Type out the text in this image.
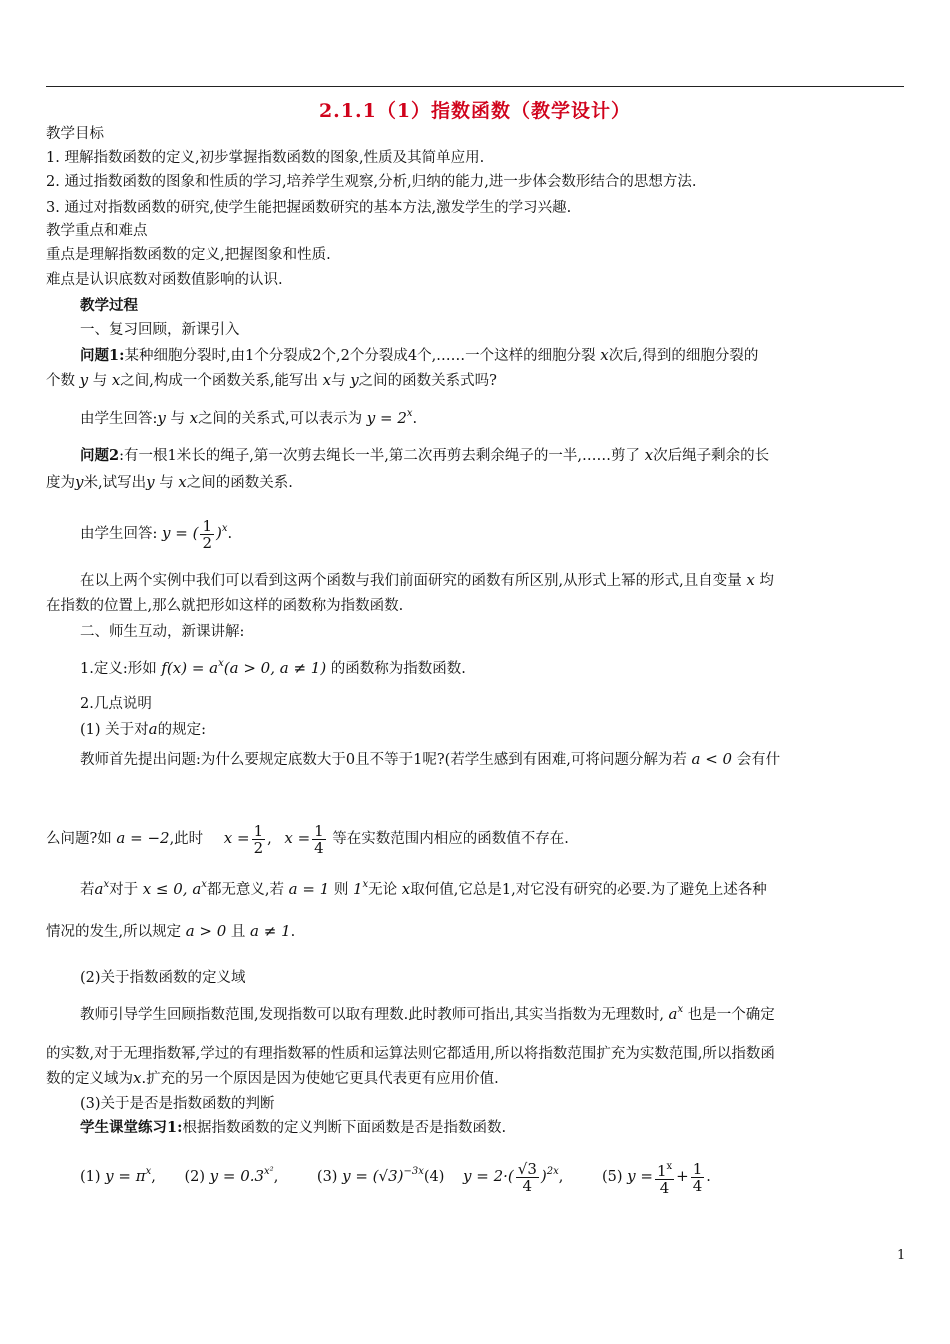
2.1.1（1）指数函数（教学设计）
教学目标
1. 理解指数函数的定义,初步掌握指数函数的图象,性质及其简单应用.
2. 通过指数函数的图象和性质的学习,培养学生观察,分析,归纳的能力,进一步体会数形结合的思想方法.
3. 通过对指数函数的研究,使学生能把握函数研究的基本方法,激发学生的学习兴趣.
教学重点和难点
重点是理解指数函数的定义,把握图象和性质.
难点是认识底数对函数值影响的认识.
教学过程
一、复习回顾，新课引入
问题1:某种细胞分裂时,由1个分裂成2个,2个分裂成4个,……一个这样的细胞分裂 x次后,得到的细胞分裂的
个数 y 与 x之间,构成一个函数关系,能写出 x与 y之间的函数关系式吗?
由学生回答:y 与 x之间的关系式,可以表示为 $y = 2^x$.
问题2:有一根1米长的绳子,第一次剪去绳长一半,第二次再剪去剩余绳子的一半,……剪了 x次后绳子剩余的长
度为y米,试写出y 与 x之间的函数关系.
由学生回答: y = ( $\frac{1}{2} )^x$.
在以上两个实例中我们可以看到这两个函数与我们前面研究的函数有所区别,从形式上幂的形式,且自变量 x 均
在指数的位置上,那么就把形如这样的函数称为指数函数.
二、师生互动，新课讲解:
1.定义:形如 $f(x) = a^x(a > 0$, a ≠ 1) 的函数称为指数函数.
2.几点说明
(1) 关于对a的规定:
教师首先提出问题:为什么要规定底数大于0且不等于1呢?(若学生感到有困难,可将问题分解为若 a < 0 会有什
么问题?如 a = −2,此时 $x = \frac{1}{2}$ , $x = \frac{1}{4}$ 等在实数范围内相应的函数值不存在.
若$a^x$对于 x ≤ 0, $a^x$都无意义,若 a = 1 则 1$^x$无论 x取何值,它总是1,对它没有研究的必要.为了避免上述各种
情况的发生,所以规定 a > 0 且 a ≠ 1.
(2)关于指数函数的定义域
教师引导学生回顾指数范围,发现指数可以取有理数.此时教师可指出,其实当指数为无理数时, $a^x$ 也是一个确定
的实数,对于无理指数幂,学过的有理指数幂的性质和运算法则它都适用,所以将指数范围扩充为实数范围,所以指数函
数的定义域为x.扩充的另一个原因是因为使她它更具代表更有应用价值.
(3)关于是否是指数函数的判断
学生课堂练习1:根据指数函数的定义判断下面函数是否是指数函数.
(1) $y = \pi^x$, (2) $y = 0.3^{x^2}$, (3) $y = (√3)^{-3x}(4) y = 2\cdot( \frac{√3}{4} )^{2x}$, (5) $y = \frac{1^x}{4} + \frac{1}{4}$ .
1
